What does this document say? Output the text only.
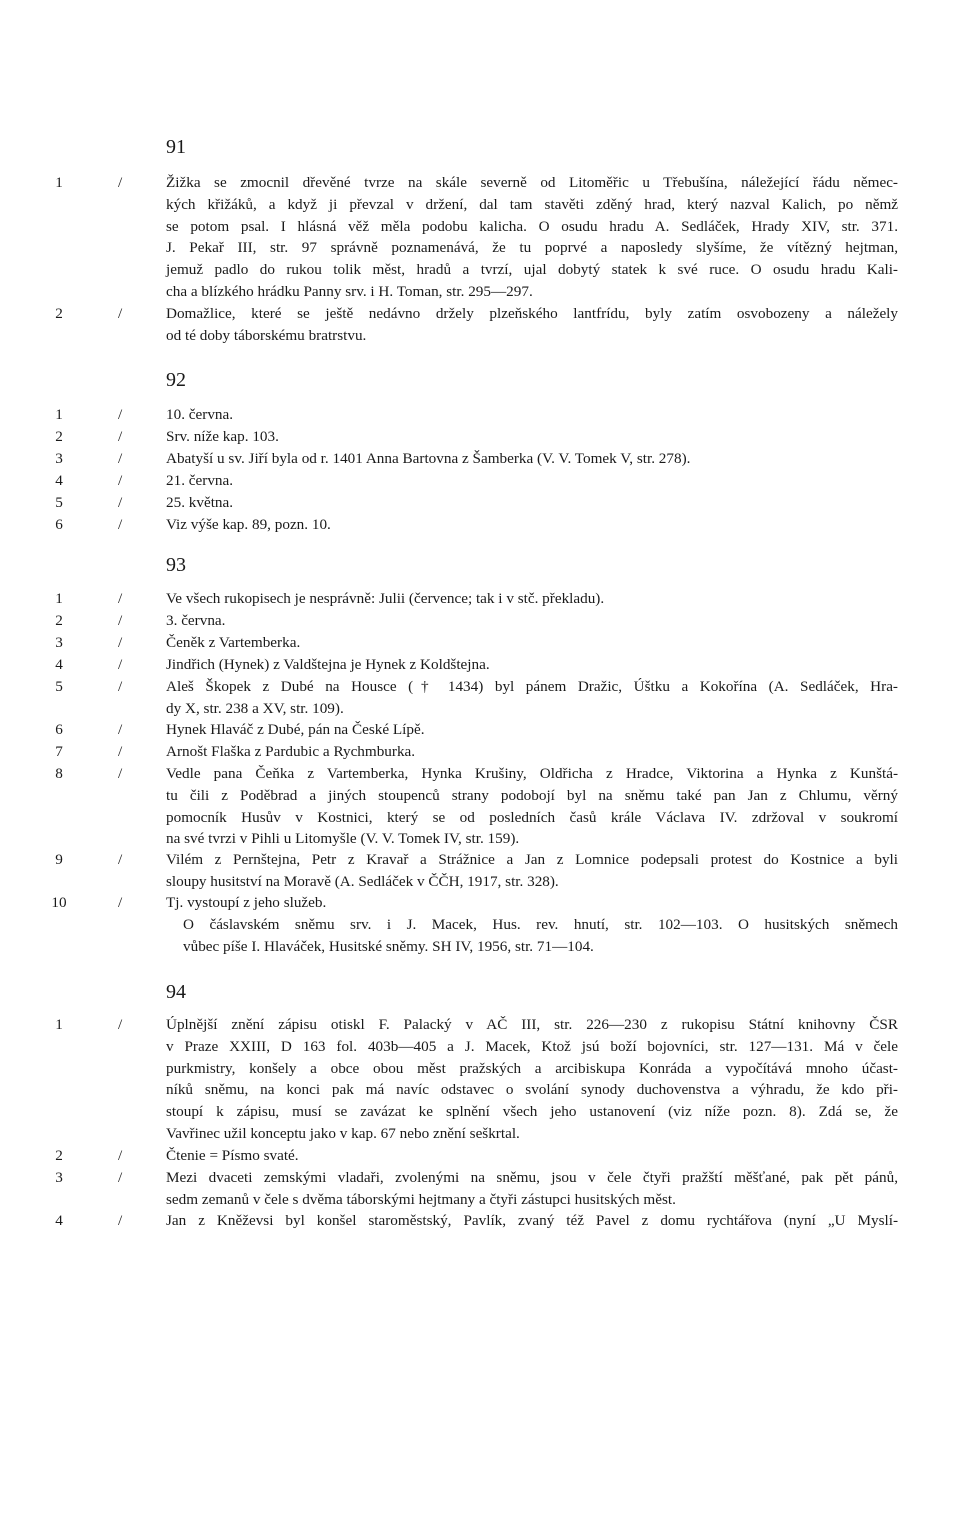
91
1	/	Žižka se zmocnil dřevěné tvrze na skále severně od Litoměřic u Třebušína, náležející řádu němec-
kých křižáků, a když ji převzal v držení, dal tam stavěti zděný hrad, který nazval Kalich, po němž
se potom psal. I hlásná věž měla podobu kalicha. O osudu hradu A. Sedláček, Hrady XIV, str. 371.
J. Pekař III, str. 97 správně poznamenává, že tu poprvé a naposledy slyšíme, že vítězný hejtman,
jemuž padlo do rukou tolik měst, hradů a tvrzí, ujal dobytý statek k své ruce. O osudu hradu Kali-
cha a blízkého hrádku Panny srv. i H. Toman, str. 295—297.
2	/	Domažlice, které se ještě nedávno držely plzeňského lantfrídu, byly zatím osvobozeny a náležely
od té doby táborskému bratrstvu.
92
1	/	10. června.
2	/	Srv. níže kap. 103.
3	/	Abatyší u sv. Jiří byla od r. 1401 Anna Bartovna z Šamberka (V. V. Tomek V, str. 278).
4	/	21. června.
5	/	25. května.
6	/	Viz výše kap. 89, pozn. 10.
93
1	/	Ve všech rukopisech je nesprávně: Julii (července; tak i v stč. překladu).
2	/	3. června.
3	/	Čeněk z Vartemberka.
4	/	Jindřich (Hynek) z Valdštejna je Hynek z Koldštejna.
5	/	Aleš Škopek z Dubé na Housce († 1434) byl pánem Dražic, Úštku a Kokořína (A. Sedláček, Hra-
dy X, str. 238 a XV, str. 109).
6	/	Hynek Hlaváč z Dubé, pán na České Lípě.
7	/	Arnošt Flaška z Pardubic a Rychmburka.
8	/	Vedle pana Čeňka z Vartemberka, Hynka Krušiny, Oldřicha z Hradce, Viktorina a Hynka z Kunštá-
tu čili z Poděbrad a jiných stoupenců strany podobojí byl na sněmu také pan Jan z Chlumu, věrný
pomocník Husův v Kostnici, který se od posledních časů krále Václava IV. zdržoval v soukromí
na své tvrzi v Pihli u Litomyšle (V. V. Tomek IV, str. 159).
9	/	Vilém z Pernštejna, Petr z Kravař a Strážnice a Jan z Lomnice podepsali protest do Kostnice a byli
sloupy husitství na Moravě (A. Sedláček v ČČH, 1917, str. 328).
10	/	Tj. vystoupí z jeho služeb.
O čáslavském sněmu srv. i J. Macek, Hus. rev. hnutí, str. 102—103. O husitských sněmech
vůbec píše I. Hlaváček, Husitské sněmy. SH IV, 1956, str. 71—104.
94
1	/	Úplnější znění zápisu otiskl F. Palacký v AČ III, str. 226—230 z rukopisu Státní knihovny ČSR
v Praze XXIII, D 163 fol. 403b—405 a J. Macek, Ktož jsú boží bojovníci, str. 127—131. Má v čele
purkmistry, konšely a obce obou měst pražských a arcibiskupa Konráda a vypočítává mnoho účast-
níků sněmu, na konci pak má navíc odstavec o svolání synody duchovenstva a výhradu, že kdo při-
stoupí k zápisu, musí se zavázat ke splnění všech jeho ustanovení (viz níže pozn. 8). Zdá se, že
Vavřinec užil konceptu jako v kap. 67 nebo znění seškrtal.
2	/	Čtenie = Písmo svaté.
3	/	Mezi dvaceti zemskými vladaři, zvolenými na sněmu, jsou v čele čtyři pražští měšťané, pak pět pánů,
sedm zemanů v čele s dvěma táborskými hejtmany a čtyři zástupci husitských měst.
4	/	Jan z Kněževsi byl konšel staroměstský, Pavlík, zvaný též Pavel z domu rychtářova (nyní „U Myslí-
